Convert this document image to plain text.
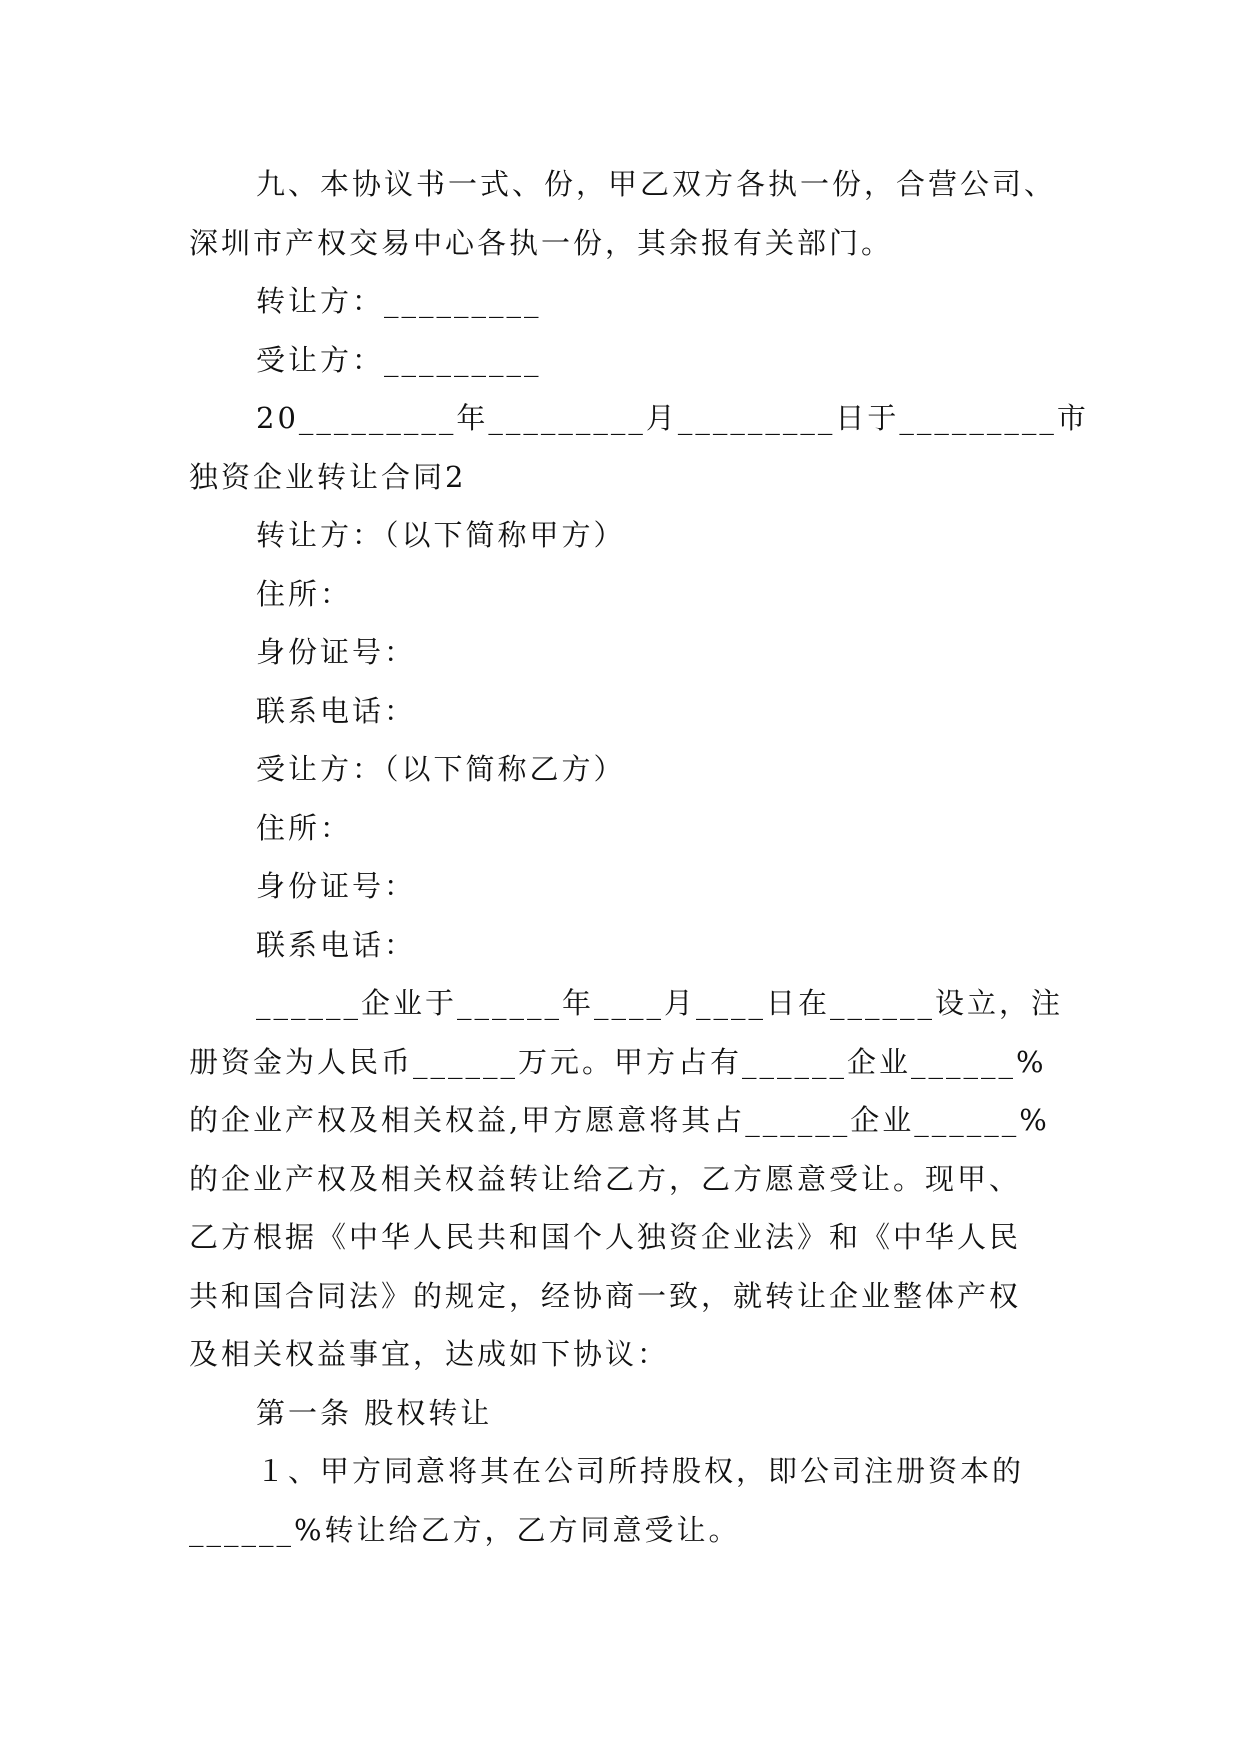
九、本协议书一式、份，甲乙双方各执一份，合营公司、
深圳市产权交易中心各执一份，其余报有关部门。
转让方：_________
受让方：_________
20_________年_________月_________日于_________市
独资企业转让合同2
转让方：（以下简称甲方）
住所：
身份证号：
联系电话：
受让方：（以下简称乙方）
住所：
身份证号：
联系电话：
______企业于______年____月____日在______设立，注
册资金为人民币______万元。甲方占有______企业______%
的企业产权及相关权益,甲方愿意将其占______企业______%
的企业产权及相关权益转让给乙方，乙方愿意受让。现甲、
乙方根据《中华人民共和国个人独资企业法》和《中华人民
共和国合同法》的规定，经协商一致，就转让企业整体产权
及相关权益事宜，达成如下协议：
第一条 股权转让
１、甲方同意将其在公司所持股权，即公司注册资本的
______%转让给乙方，乙方同意受让。
